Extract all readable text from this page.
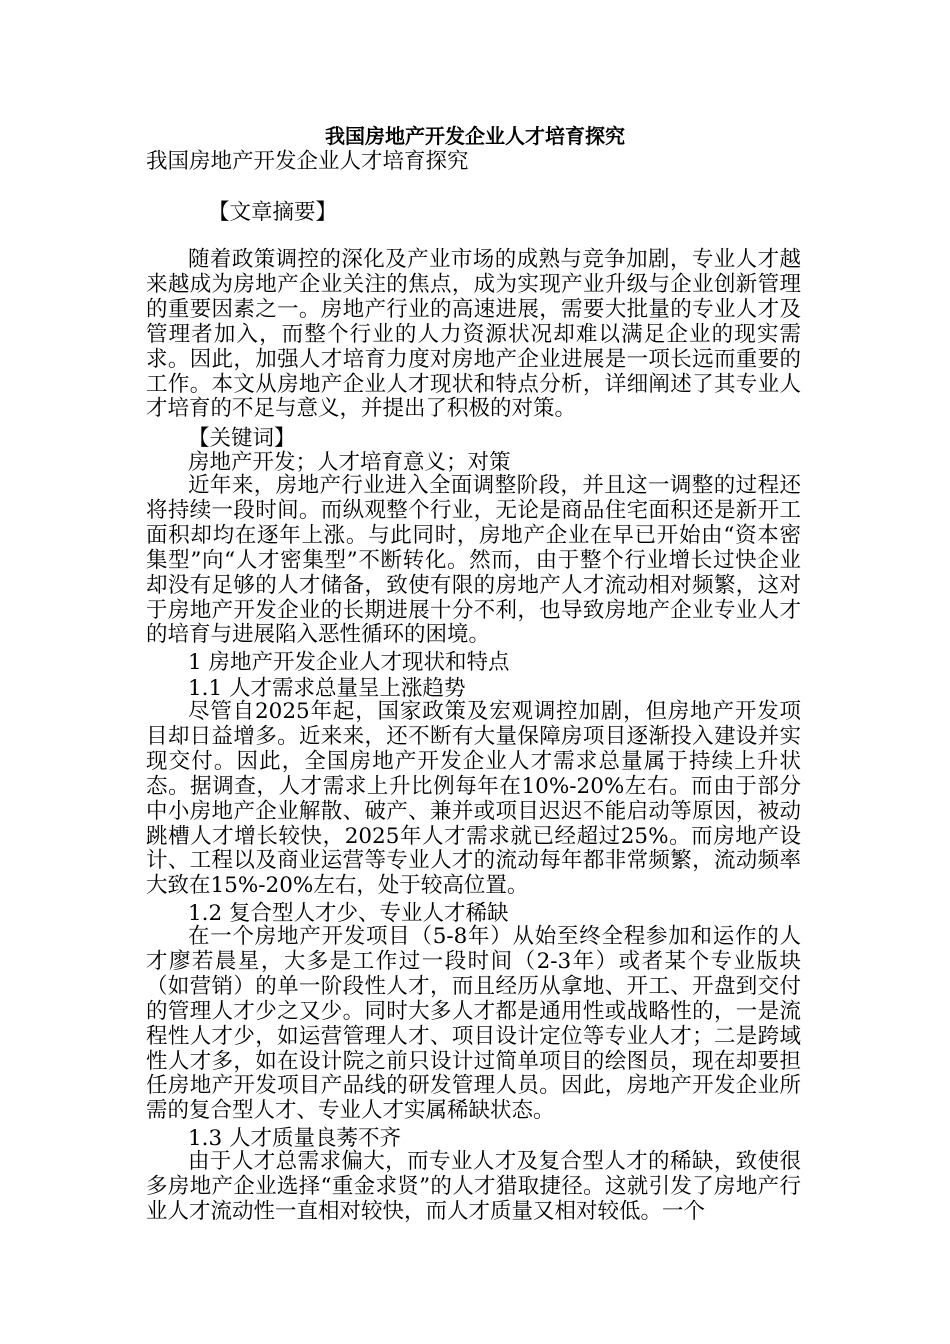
我国房地产开发企业人才培育探究
我国房地产开发企业人才培育探究
【文章摘要】
随着政策调控的深化及产业市场的成熟与竞争加剧，专业人才越来越成为房地产企业关注的焦点，成为实现产业升级与企业创新管理的重要因素之一。房地产行业的高速进展，需要大批量的专业人才及管理者加入，而整个行业的人力资源状况却难以满足企业的现实需求。因此，加强人才培育力度对房地产企业进展是一项长远而重要的工作。本文从房地产企业人才现状和特点分析，详细阐述了其专业人才培育的不足与意义，并提出了积极的对策。
【关键词】
房地产开发；人才培育意义；对策
近年来，房地产行业进入全面调整阶段，并且这一调整的过程还将持续一段时间。而纵观整个行业，无论是商品住宅面积还是新开工面积却均在逐年上涨。与此同时，房地产企业在早已开始由“资本密集型”向“人才密集型”不断转化。然而，由于整个行业增长过快企业却没有足够的人才储备，致使有限的房地产人才流动相对频繁，这对于房地产开发企业的长期进展十分不利，也导致房地产企业专业人才的培育与进展陷入恶性循环的困境。
1 房地产开发企业人才现状和特点
1.1 人才需求总量呈上涨趋势
尽管自2025年起，国家政策及宏观调控加剧，但房地产开发项目却日益增多。近来来，还不断有大量保障房项目逐渐投入建设并实现交付。因此，全国房地产开发企业人才需求总量属于持续上升状态。据调查，人才需求上升比例每年在10%-20%左右。而由于部分中小房地产企业解散、破产、兼并或项目迟迟不能启动等原因，被动跳槽人才增长较快，2025年人才需求就已经超过25%。而房地产设计、工程以及商业运营等专业人才的流动每年都非常频繁，流动频率大致在15%-20%左右，处于较高位置。
1.2 复合型人才少、专业人才稀缺
在一个房地产开发项目（5-8年）从始至终全程参加和运作的人才廖若晨星，大多是工作过一段时间（2-3年）或者某个专业版块（如营销）的单一阶段性人才，而且经历从拿地、开工、开盘到交付的管理人才少之又少。同时大多人才都是通用性或战略性的，一是流程性人才少，如运营管理人才、项目设计定位等专业人才；二是跨域性人才多，如在设计院之前只设计过简单项目的绘图员，现在却要担任房地产开发项目产品线的研发管理人员。因此，房地产开发企业所需的复合型人才、专业人才实属稀缺状态。
1.3 人才质量良莠不齐
由于人才总需求偏大，而专业人才及复合型人才的稀缺，致使很多房地产企业选择“重金求贤”的人才猎取捷径。这就引发了房地产行业人才流动性一直相对较快，而人才质量又相对较低。一个
